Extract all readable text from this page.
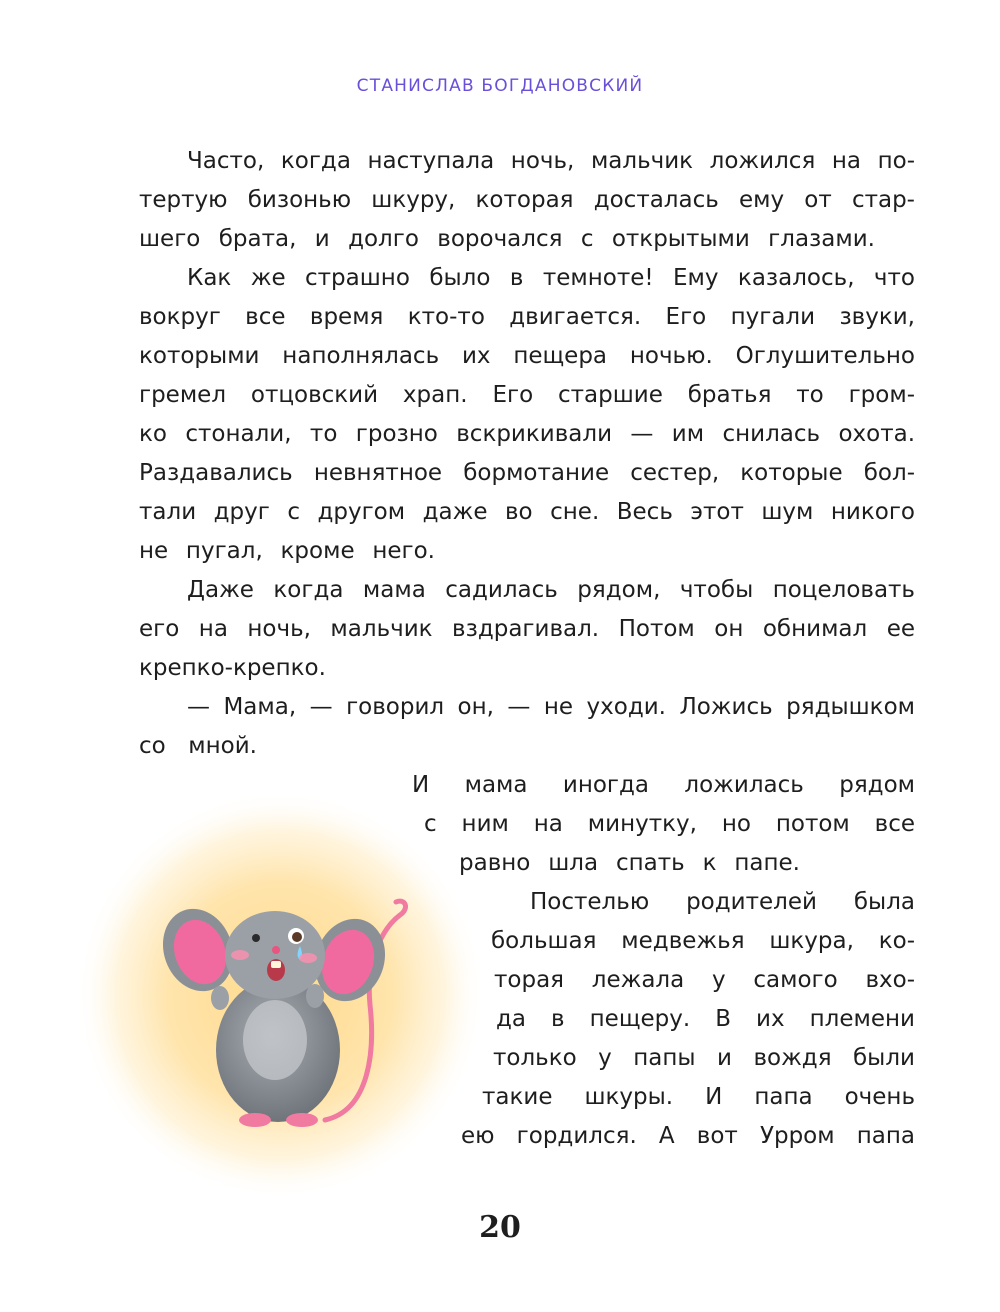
СТАНИСЛАВ БОГДАНОВСКИЙ
Часто, когда наступала ночь, мальчик ложился на по-
тертую бизонью шкуру, которая досталась ему от стар-
шего брата, и долго ворочался с открытыми глазами.
Как же страшно было в темноте! Ему казалось, что
вокруг все время кто-то двигается. Его пугали звуки,
которыми наполнялась их пещера ночью. Оглушительно
гремел отцовский храп. Его старшие братья то гром-
ко стонали, то грозно вскрикивали — им снилась охота.
Раздавались невнятное бормотание сестер, которые бол-
тали друг с другом даже во сне. Весь этот шум никого
не пугал, кроме него.
Даже когда мама садилась рядом, чтобы поцеловать
его на ночь, мальчик вздрагивал. Потом он обнимал ее
крепко-крепко.
— Мама, — говорил он, — не уходи. Ложись рядышком
со мной.
И мама иногда ложилась рядом
с ним на минутку, но потом все
равно шла спать к папе.
Постелью родителей была
большая медвежья шкура, ко-
торая лежала у самого вхо-
да в пещеру. В их племени
только у папы и вождя были
такие шкуры. И папа очень
ею гордился. А вот Урром папа
20
